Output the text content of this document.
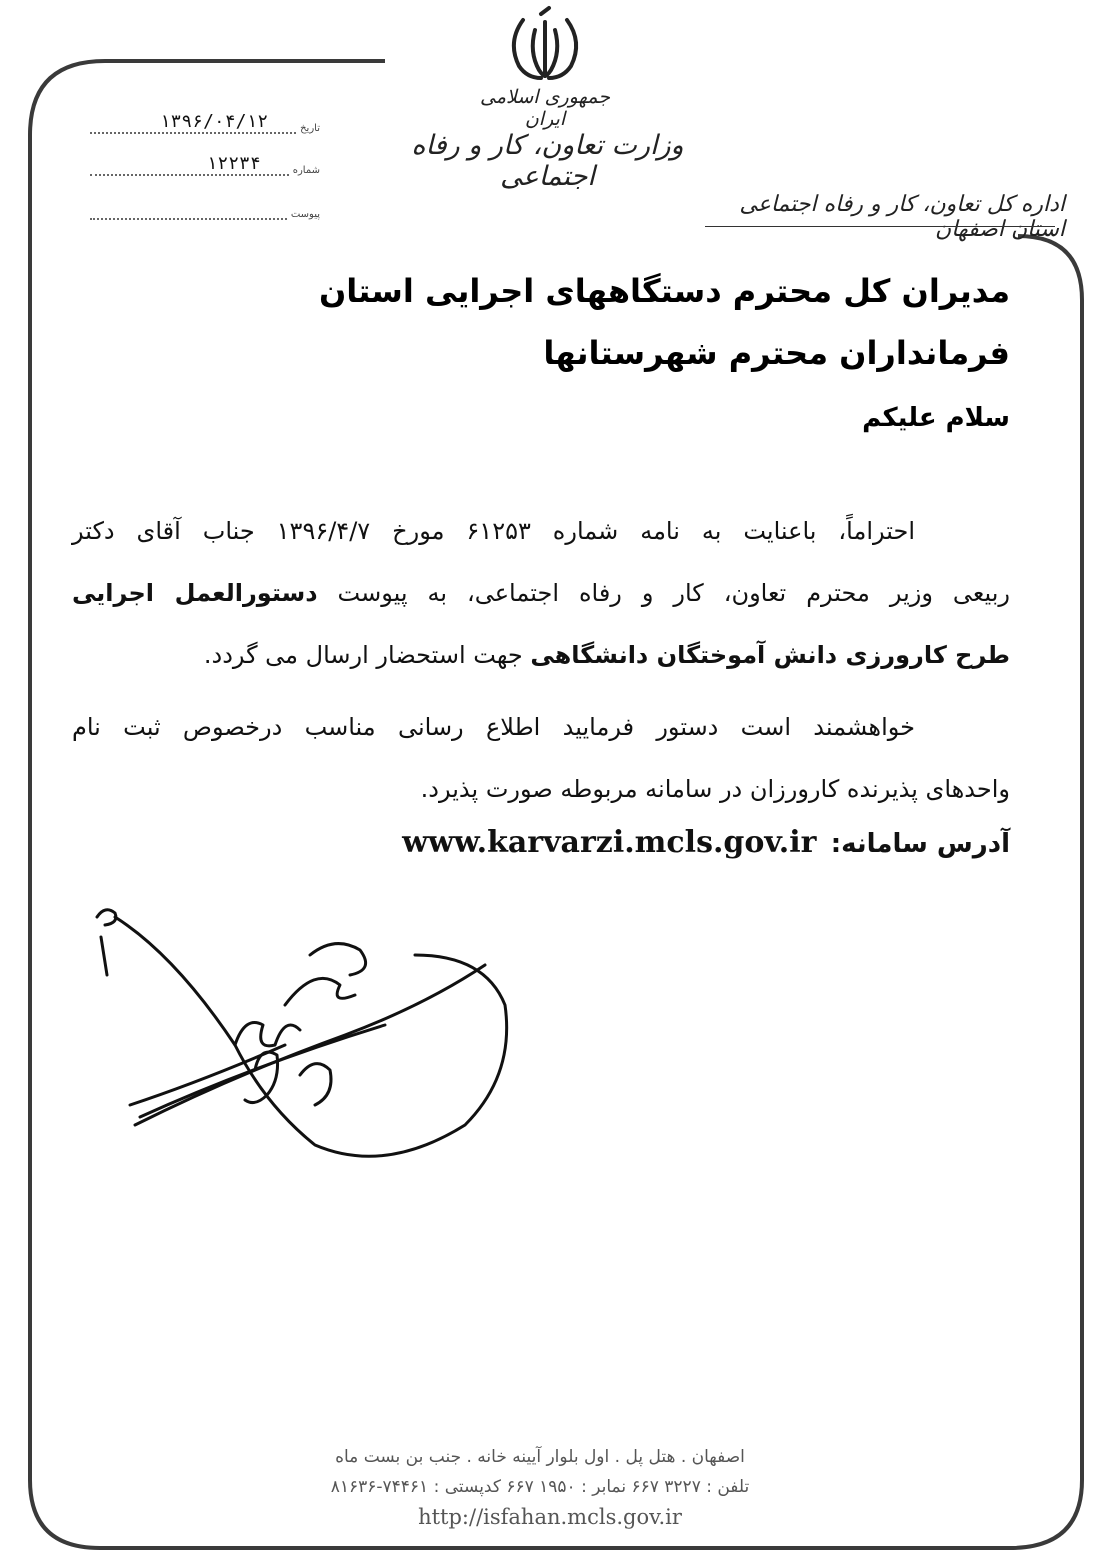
جمهوری اسلامی ایران
وزارت تعاون، کار و رفاه اجتماعی
اداره کل تعاون، کار و رفاه اجتماعی استان اصفهان
تاریخ
۱۳۹۶/۰۴/۱۲
شماره
۱۲۲۳۴
پیوست
مدیران کل محترم دستگاههای اجرایی استان
فرمانداران محترم شهرستانها
سلام علیکم
احتراماً، باعنایت به نامه شماره ۶۱۲۵۳ مورخ ۱۳۹۶/۴/۷ جناب آقای دکتر
ربیعی وزیر محترم تعاون، کار و رفاه اجتماعی، به پیوست دستورالعمل اجرایی
طرح کارورزی دانش آموختگان دانشگاهی جهت استحضار ارسال می گردد.
خواهشمند است دستور فرمایید اطلاع رسانی مناسب درخصوص ثبت نام
واحدهای پذیرنده کارورزان در سامانه مربوطه صورت پذیرد.
آدرس سامانه: www.karvarzi.mcls.gov.ir
اصفهان . هتل پل . اول بلوار آیینه خانه . جنب بن بست ماه
تلفن : ۳۲۲۷ ۶۶۷ نمابر : ۱۹۵۰ ۶۶۷ کدپستی : ۷۴۴۶۱-۸۱۶۳۶
http://isfahan.mcls.gov.ir
